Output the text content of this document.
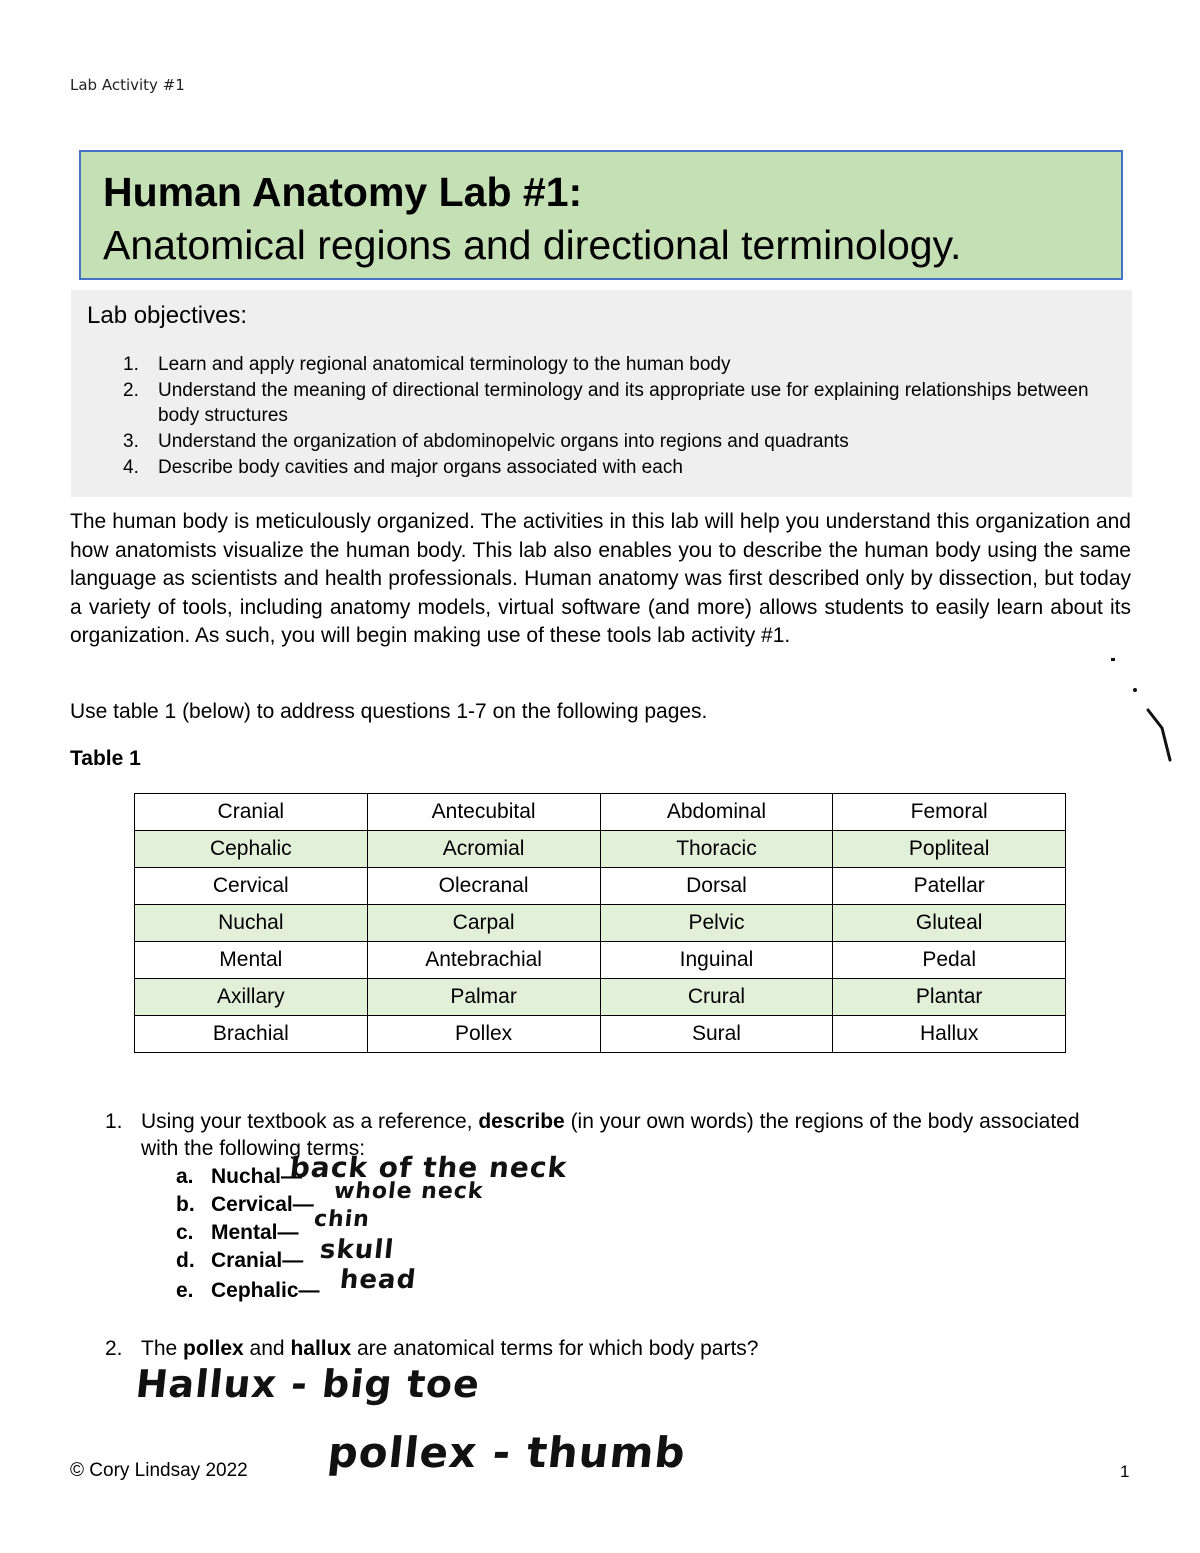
Lab Activity #1
Human Anatomy Lab #1:
Anatomical regions and directional terminology.
Lab objectives:
1. Learn and apply regional anatomical terminology to the human body
2. Understand the meaning of directional terminology and its appropriate use for explaining relationships between body structures
3. Understand the organization of abdominopelvic organs into regions and quadrants
4. Describe body cavities and major organs associated with each

The human body is meticulously organized. The activities in this lab will help you understand this organization and how anatomists visualize the human body. This lab also enables you to describe the human body using the same language as scientists and health professionals. Human anatomy was first described only by dissection, but today a variety of tools, including anatomy models, virtual software (and more) allows students to easily learn about its organization. As such, you will begin making use of these tools lab activity #1.

Use table 1 (below) to address questions 1-7 on the following pages.

Table 1

Cranial	Antecubital	Abdominal	Femoral
Cephalic	Acromial	Thoracic	Popliteal
Cervical	Olecranal	Dorsal	Patellar
Nuchal	Carpal	Pelvic	Gluteal
Mental	Antebrachial	Inguinal	Pedal
Axillary	Palmar	Crural	Plantar
Brachial	Pollex	Sural	Hallux
1. Using your textbook as a reference, describe (in your own words) the regions of the body associated with the following terms:
a. Nuchal—
back of the neck
b. Cervical—
whole neck
c. Mental—
chin
d. Cranial— skull
e. Cephalic— head
2. The pollex and hallux are anatomical terms for which body parts?
Hallux - big toe
pollex - thumb
© Cory Lindsay 2022	1
